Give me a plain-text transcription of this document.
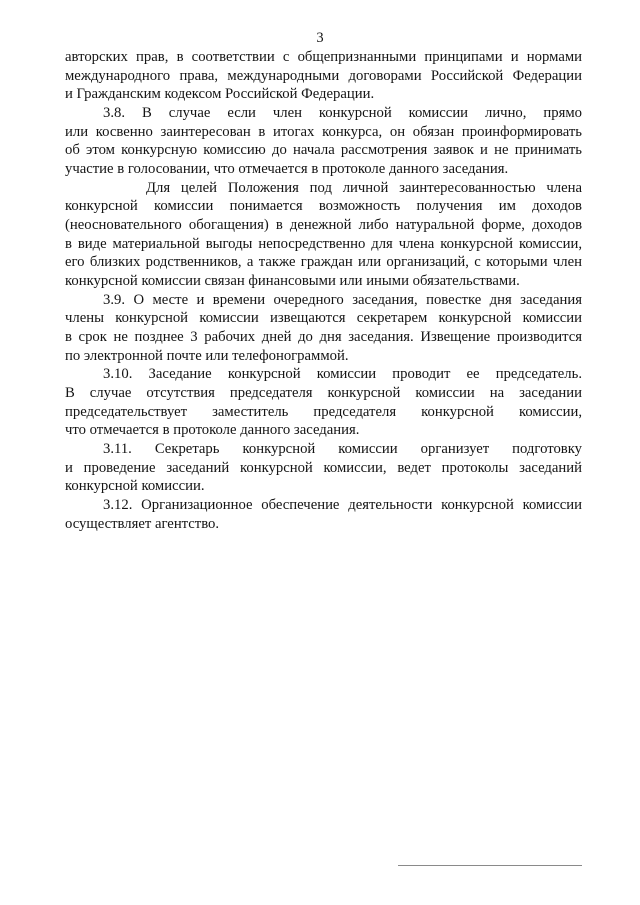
3
авторских прав, в соответствии с общепризнанными принципами и нормами
международного права, международными договорами Российской Федерации
и Гражданским кодексом Российской Федерации.
3.8. В случае если член конкурсной комиссии лично, прямо
или косвенно заинтересован в итогах конкурса, он обязан проинформировать
об этом конкурсную комиссию до начала рассмотрения заявок и не принимать
участие в голосовании, что отмечается в протоколе данного заседания.
Для целей Положения под личной заинтересованностью члена
конкурсной комиссии понимается возможность получения им доходов
(неосновательного обогащения) в денежной либо натуральной форме, доходов
в виде материальной выгоды непосредственно для члена конкурсной комиссии,
его близких родственников, а также граждан или организаций, с которыми член
конкурсной комиссии связан финансовыми или иными обязательствами.
3.9. О месте и времени очередного заседания, повестке дня заседания
члены конкурсной комиссии извещаются секретарем конкурсной комиссии
в срок не позднее 3 рабочих дней до дня заседания. Извещение производится
по электронной почте или телефонограммой.
3.10. Заседание конкурсной комиссии проводит ее председатель.
В случае отсутствия председателя конкурсной комиссии на заседании
председательствует заместитель председателя конкурсной комиссии,
что отмечается в протоколе данного заседания.
3.11. Секретарь конкурсной комиссии организует подготовку
и проведение заседаний конкурсной комиссии, ведет протоколы заседаний
конкурсной комиссии.
3.12. Организационное обеспечение деятельности конкурсной комиссии
осуществляет агентство.
